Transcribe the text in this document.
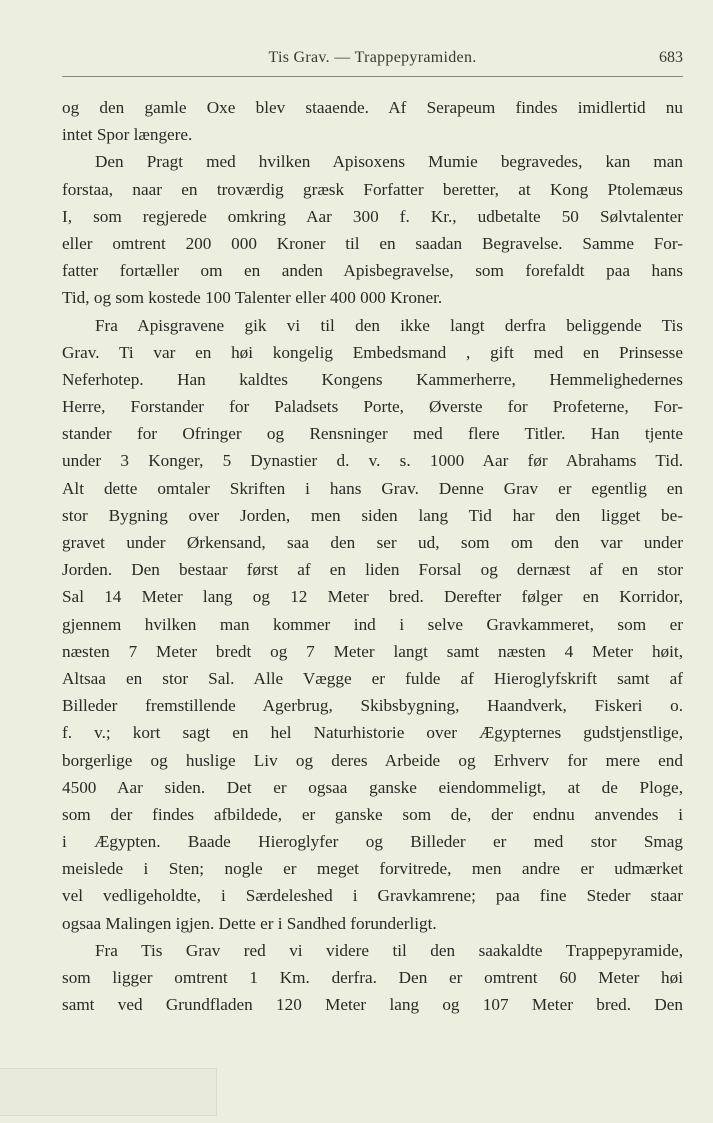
Tis Grav. — Trappepyramiden.	683
og den gamle Oxe blev staaende. Af Serapeum findes imidlertid nu
intet Spor længere.
Den Pragt med hvilken Apisoxens Mumie begravedes, kan man
forstaa, naar en troværdig græsk Forfatter beretter, at Kong Ptolemæus
I, som regjerede omkring Aar 300 f. Kr., udbetalte 50 Sølvtalenter
eller omtrent 200 000 Kroner til en saadan Begravelse. Samme For-
fatter fortæller om en anden Apisbegravelse, som forefaldt paa hans
Tid, og som kostede 100 Talenter eller 400 000 Kroner.
Fra Apisgravene gik vi til den ikke langt derfra beliggende Tis
Grav. Ti var en høi kongelig Embedsmand , gift med en Prinsesse
Neferhotep. Han kaldtes Kongens Kammerherre, Hemmelighedernes
Herre, Forstander for Paladsets Porte, Øverste for Profeterne, For-
stander for Ofringer og Rensninger med flere Titler. Han tjente
under 3 Konger, 5 Dynastier d. v. s. 1000 Aar før Abrahams Tid.
Alt dette omtaler Skriften i hans Grav. Denne Grav er egentlig en
stor Bygning over Jorden, men siden lang Tid har den ligget be-
gravet under Ørkensand, saa den ser ud, som om den var under
Jorden. Den bestaar først af en liden Forsal og dernæst af en stor
Sal 14 Meter lang og 12 Meter bred. Derefter følger en Korridor,
gjennem hvilken man kommer ind i selve Gravkammeret, som er
næsten 7 Meter bredt og 7 Meter langt samt næsten 4 Meter høit,
Altsaa en stor Sal. Alle Vægge er fulde af Hieroglyfskrift samt af
Billeder fremstillende Agerbrug, Skibsbygning, Haandverk, Fiskeri o.
f. v.; kort sagt en hel Naturhistorie over Ægypternes gudstjenstlige,
borgerlige og huslige Liv og deres Arbeide og Erhverv for mere end
4500 Aar siden. Det er ogsaa ganske eiendommeligt, at de Ploge,
som der findes afbildede, er ganske som de, der endnu anvendes i
i Ægypten. Baade Hieroglyfer og Billeder er med stor Smag
meislede i Sten; nogle er meget forvitrede, men andre er udmærket
vel vedligeholdte, i Særdeleshed i Gravkamrene; paa fine Steder staar
ogsaa Malingen igjen. Dette er i Sandhed forunderligt.
Fra Tis Grav red vi videre til den saakaldte Trappepyramide,
som ligger omtrent 1 Km. derfra. Den er omtrent 60 Meter høi
samt ved Grundfladen 120 Meter lang og 107 Meter bred. Den
